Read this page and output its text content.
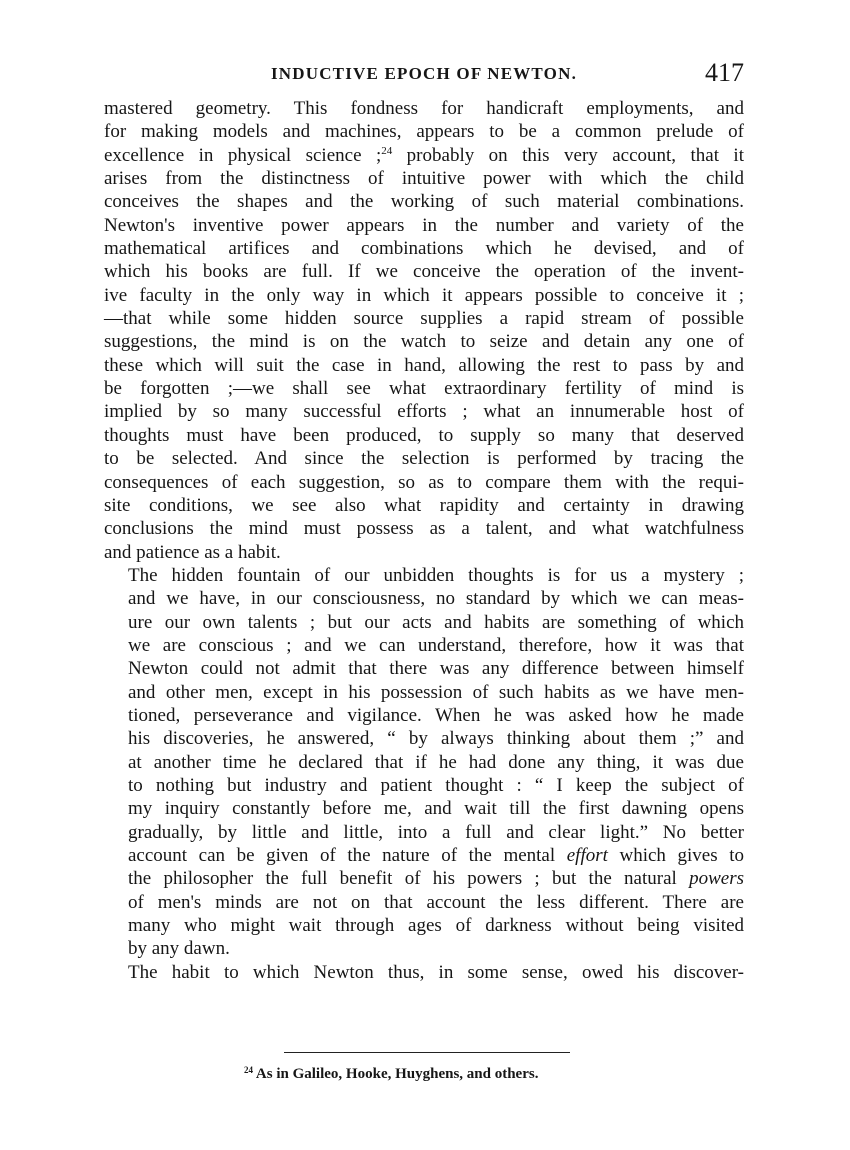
INDUCTIVE EPOCH OF NEWTON.	417

mastered geometry. This fondness for handicraft employments, and
for making models and machines, appears to be a common prelude of
excellence in physical science ;$^{24}$ probably on this very account, that it
arises from the distinctness of intuitive power with which the child
conceives the shapes and the working of such material combinations.
Newton's inventive power appears in the number and variety of the
mathematical artifices and combinations which he devised, and of
which his books are full. If we conceive the operation of the invent-
ive faculty in the only way in which it appears possible to conceive it ;
—that while some hidden source supplies a rapid stream of possible
suggestions, the mind is on the watch to seize and detain any one of
these which will suit the case in hand, allowing the rest to pass by and
be forgotten ;—we shall see what extraordinary fertility of mind is
implied by so many successful efforts ; what an innumerable host of
thoughts must have been produced, to supply so many that deserved
to be selected. And since the selection is performed by tracing the
consequences of each suggestion, so as to compare them with the requi-
site conditions, we see also what rapidity and certainty in drawing
conclusions the mind must possess as a talent, and what watchfulness
and patience as a habit.

The hidden fountain of our unbidden thoughts is for us a mystery ;
and we have, in our consciousness, no standard by which we can meas-
ure our own talents ; but our acts and habits are something of which
we are conscious ; and we can understand, therefore, how it was that
Newton could not admit that there was any difference between himself
and other men, except in his possession of such habits as we have men-
tioned, perseverance and vigilance. When he was asked how he made
his discoveries, he answered, “ by always thinking about them ;” and
at another time he declared that if he had done any thing, it was due
to nothing but industry and patient thought : “ I keep the subject of
my inquiry constantly before me, and wait till the first dawning opens
gradually, by little and little, into a full and clear light.” No better
account can be given of the nature of the mental effort which gives to
the philosopher the full benefit of his powers ; but the natural powers
of men's minds are not on that account the less different. There are
many who might wait through ages of darkness without being visited
by any dawn.

The habit to which Newton thus, in some sense, owed his discover-

$^{24}$ As in Galileo, Hooke, Huyghens, and others.
